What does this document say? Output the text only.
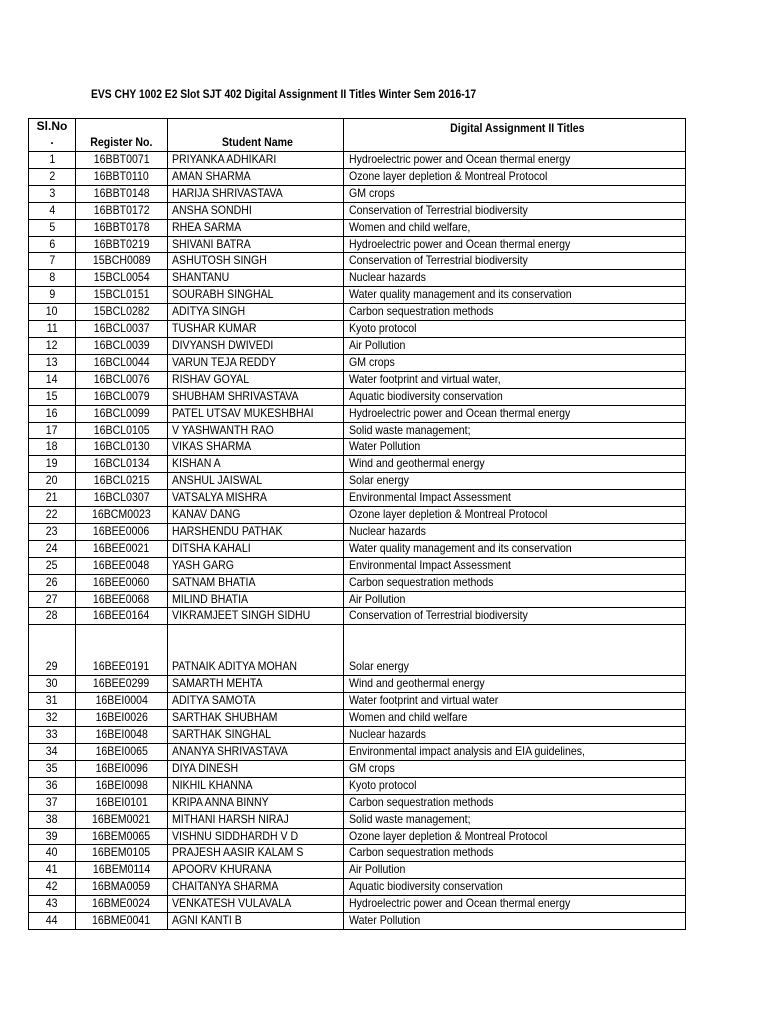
EVS CHY 1002 E2 Slot SJT 402 Digital Assignment II Titles Winter Sem 2016-17
Sl.No
.	Register No.	Student Name	Digital Assignment II Titles
1	16BBT0071	PRIYANKA ADHIKARI	Hydroelectric power and Ocean thermal energy
2	16BBT0110	AMAN SHARMA	Ozone layer depletion & Montreal Protocol
3	16BBT0148	HARIJA SHRIVASTAVA	GM crops
4	16BBT0172	ANSHA SONDHI	Conservation of Terrestrial biodiversity
5	16BBT0178	RHEA SARMA	Women and child welfare,
6	16BBT0219	SHIVANI BATRA	Hydroelectric power and Ocean thermal energy
7	15BCH0089	ASHUTOSH SINGH	Conservation of Terrestrial biodiversity
8	15BCL0054	SHANTANU	Nuclear hazards
9	15BCL0151	SOURABH SINGHAL	Water quality management and its conservation
10	15BCL0282	ADITYA SINGH	Carbon sequestration methods
11	16BCL0037	TUSHAR KUMAR	Kyoto protocol
12	16BCL0039	DIVYANSH DWIVEDI	Air Pollution
13	16BCL0044	VARUN TEJA REDDY	GM crops
14	16BCL0076	RISHAV GOYAL	Water footprint and virtual water,
15	16BCL0079	SHUBHAM SHRIVASTAVA	Aquatic biodiversity conservation
16	16BCL0099	PATEL UTSAV MUKESHBHAI	Hydroelectric power and Ocean thermal energy
17	16BCL0105	V YASHWANTH RAO	Solid waste management;
18	16BCL0130	VIKAS SHARMA	Water Pollution
19	16BCL0134	KISHAN A	Wind and geothermal energy
20	16BCL0215	ANSHUL JAISWAL	Solar energy
21	16BCL0307	VATSALYA MISHRA	Environmental Impact Assessment
22	16BCM0023	KANAV DANG	Ozone layer depletion & Montreal Protocol
23	16BEE0006	HARSHENDU PATHAK	Nuclear hazards
24	16BEE0021	DITSHA KAHALI	Water quality management and its conservation
25	16BEE0048	YASH GARG	Environmental Impact Assessment
26	16BEE0060	SATNAM BHATIA	Carbon sequestration methods
27	16BEE0068	MILIND BHATIA	Air Pollution
28	16BEE0164	VIKRAMJEET SINGH SIDHU	Conservation of Terrestrial biodiversity
29	16BEE0191	PATNAIK ADITYA MOHAN	Solar energy
30	16BEE0299	SAMARTH MEHTA	Wind and geothermal energy
31	16BEI0004	ADITYA SAMOTA	Water footprint and virtual water
32	16BEI0026	SARTHAK SHUBHAM	Women and child welfare
33	16BEI0048	SARTHAK SINGHAL	Nuclear hazards
34	16BEI0065	ANANYA SHRIVASTAVA	Environmental impact analysis and EIA guidelines,
35	16BEI0096	DIYA DINESH	GM crops
36	16BEI0098	NIKHIL KHANNA	Kyoto protocol
37	16BEI0101	KRIPA ANNA BINNY	Carbon sequestration methods
38	16BEM0021	MITHANI HARSH NIRAJ	Solid waste management;
39	16BEM0065	VISHNU SIDDHARDH V D	Ozone layer depletion & Montreal Protocol
40	16BEM0105	PRAJESH AASIR KALAM S	Carbon sequestration methods
41	16BEM0114	APOORV KHURANA	Air Pollution
42	16BMA0059	CHAITANYA SHARMA	Aquatic biodiversity conservation
43	16BME0024	VENKATESH VULAVALA	Hydroelectric power and Ocean thermal energy
44	16BME0041	AGNI KANTI B	Water Pollution
